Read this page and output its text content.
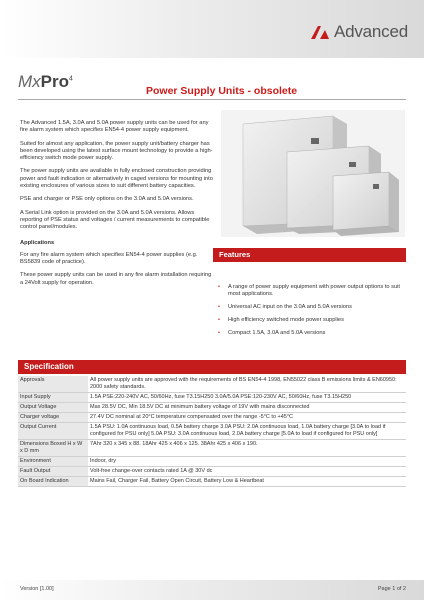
Advanced
MxPro$^4$
Power Supply Units - obsolete

The Advanced 1.5A, 3.0A and 5.0A power supply units can be used for any fire alarm system which specifies EN54-4 power supply equipment.

Suited for almost any application, the power supply unit/battery charger has been developed using the latest surface mount technology to provide a high-efficiency switch mode power supply.

The power supply units are available in fully enclosed construction providing power and fault indication or alternatively in caged versions for mounting into existing enclosures of various sizes to suit different battery capacities.

PSE and charger or PSE only options on the 3.0A and 5.0A versions.

A Serial Link option is provided on the 3.0A and 5.0A versions. Allows reporting of PSE status and voltages / current measurements to compatible control panel/modules.

Applications

For any fire alarm system which specifies EN54-4 power supplies (e.g. BS5839 code of practice).

These power supply units can be used in any fire alarm installation requiring a 24Volt supply for operation.

Features
• A range of power supply equipment with power output options to suit most applications.
• Universal AC input on the 3.0A and 5.0A versions
• High efficiency switched mode power supplies
• Compact 1.5A, 3.0A and 5.0A versions
Specification
Approvals	All power supply units are approved with the requirements of BS EN54-4 1998, EN55022 class B emissions limits & EN60950: 2000 safety standards.
Input Supply	1.5A PSE:220-240V AC, 50/60Hz, fuse T3.15H250 3.0A/5.0A PSE:120-230V AC, 50/60Hz, fuse T3.15H250
Output Voltage	Max 28.5V DC, Min 18.5V DC at minimum battery voltage of 19V with mains disconnected
Charger voltage	27.4V DC nominal at 20°C temperature compensated over the range -5°C to +45°C
Output Current	1.5A PSU: 1.0A continuous load, 0.5A battery charge 3.0A PSU: 2.0A continuous load, 1.0A battery charge [3.0A to load if configured for PSU only] 5.0A PSU: 3.0A continuous load, 2.0A battery charge [5.0A to load if configured for PSU only]
Dimensions Boxed H x W x D mm	7Ahr 320 x 345 x 88. 18Ahr 425 x 406 x 125. 38Ahr 425 x 406 x 190.
Environment	Indoor, dry
Fault Output	Volt-free change-over contacts rated 1A @ 30V dc
On Board Indication	Mains Fail, Charger Fail, Battery Open Circuit, Battery Low & Heartbeat
Version [1.00]	Page 1 of 2
